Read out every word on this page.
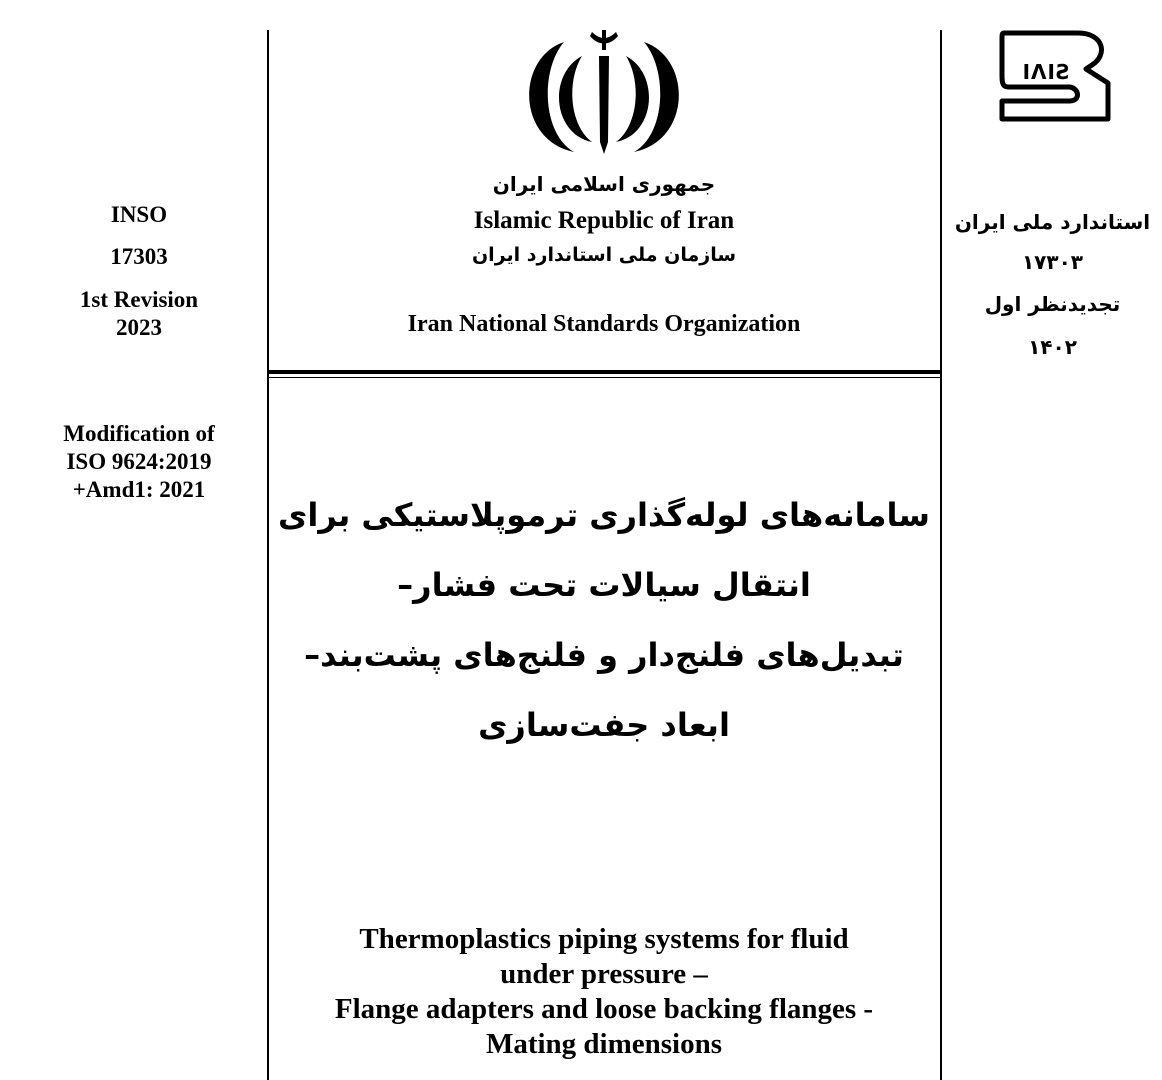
INSO
17303
1st Revision
2023
Modification of
ISO 9624:2019
+Amd1: 2021
جمهوری اسلامی ایران
Islamic Republic of Iran
سازمان ملی استاندارد ایران
Iran National Standards Organization
IΛIƧ
استاندارد ملی ایران
۱۷۳۰۳
تجدیدنظر اول
۱۴۰۲
سامانه‌های لوله‌گذاری ترموپلاستیکی برای
انتقال سیالات تحت فشار–
تبدیل‌های فلنج‌دار و فلنج‌های پشت‌بند–
ابعاد جفت‌سازی
Thermoplastics piping systems for fluid
under pressure –
Flange adapters and loose backing flanges -
Mating dimensions
